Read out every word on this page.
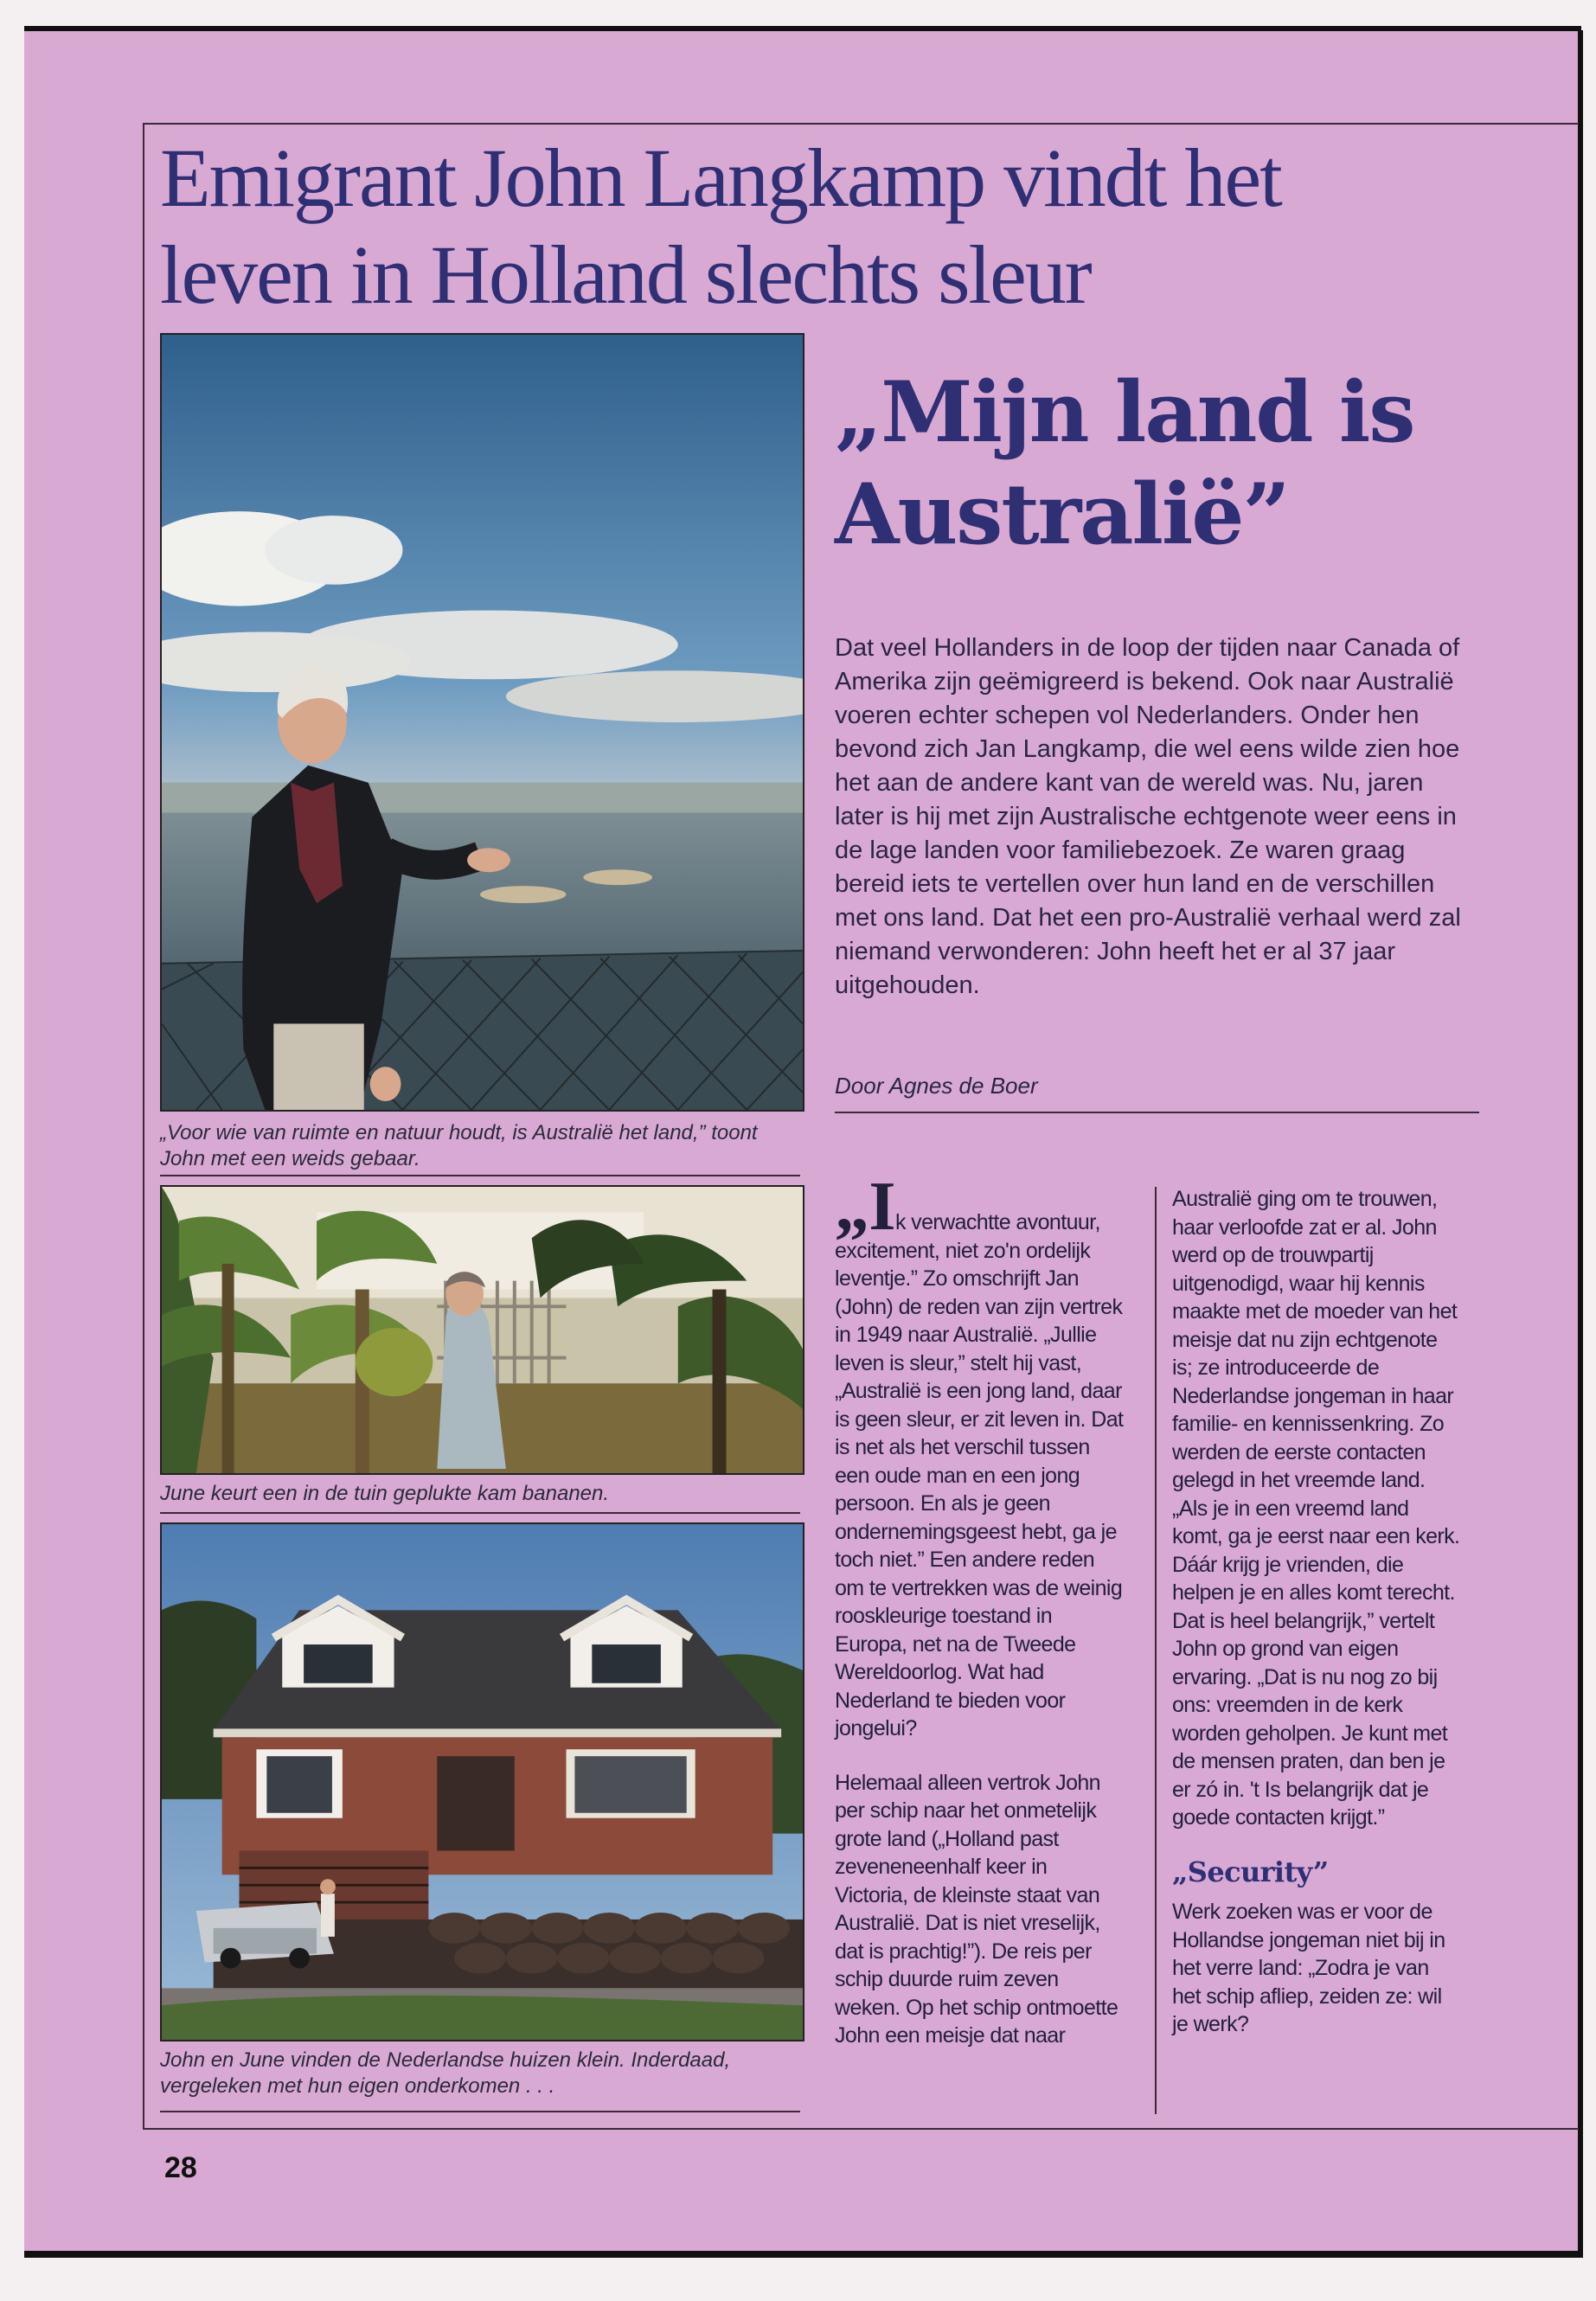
Emigrant John Langkamp vindt het
leven in Holland slechts sleur
„Voor wie van ruimte en natuur houdt, is Australië het land,” toont John met een weids gebaar.
June keurt een in de tuin geplukte kam bananen.
John en June vinden de Nederlandse huizen klein. Inderdaad, vergeleken met hun eigen onderkomen . . .
„Mijn land is
Australië”

Dat veel Hollanders in de loop der tijden naar Canada of Amerika zijn geëmigreerd is bekend. Ook naar Australië voeren echter schepen vol Nederlanders. Onder hen bevond zich Jan Langkamp, die wel eens wilde zien hoe het aan de andere kant van de wereld was. Nu, jaren later is hij met zijn Australische echtgenote weer eens in de lage landen voor familiebezoek. Ze waren graag bereid iets te vertellen over hun land en de verschillen met ons land. Dat het een pro-Australië verhaal werd zal niemand verwonderen: John heeft het er al 37 jaar uitgehouden.

Door Agnes de Boer

„Ik verwachtte avontuur, excitement, niet zo'n ordelijk leventje.” Zo omschrijft Jan (John) de reden van zijn vertrek in 1949 naar Australië. „Jullie leven is sleur,” stelt hij vast, „Australië is een jong land, daar is geen sleur, er zit leven in. Dat is net als het verschil tussen een oude man en een jong persoon. En als je geen ondernemingsgeest hebt, ga je toch niet.” Een andere reden om te vertrekken was de weinig rooskleurige toestand in Europa, net na de Tweede Wereldoorlog. Wat had Nederland te bieden voor jongelui?

Helemaal alleen vertrok John per schip naar het onmetelijk grote land („Holland past zeveneneenhalf keer in Victoria, de kleinste staat van Australië. Dat is niet vreselijk, dat is prachtig!”). De reis per schip duurde ruim zeven weken. Op het schip ontmoette John een meisje dat naar

Australië ging om te trouwen, haar verloofde zat er al. John werd op de trouwpartij uitgenodigd, waar hij kennis maakte met de moeder van het meisje dat nu zijn echtgenote is; ze introduceerde de Nederlandse jongeman in haar familie- en kennissenkring. Zo werden de eerste contacten gelegd in het vreemde land. „Als je in een vreemd land komt, ga je eerst naar een kerk. Dáár krijg je vrienden, die helpen je en alles komt terecht. Dat is heel belangrijk,” vertelt John op grond van eigen ervaring. „Dat is nu nog zo bij ons: vreemden in de kerk worden geholpen. Je kunt met de mensen praten, dan ben je er zó in. 't Is belangrijk dat je goede contacten krijgt.”

„Security”

Werk zoeken was er voor de Hollandse jongeman niet bij in het verre land: „Zodra je van het schip afliep, zeiden ze: wil je werk?

28
